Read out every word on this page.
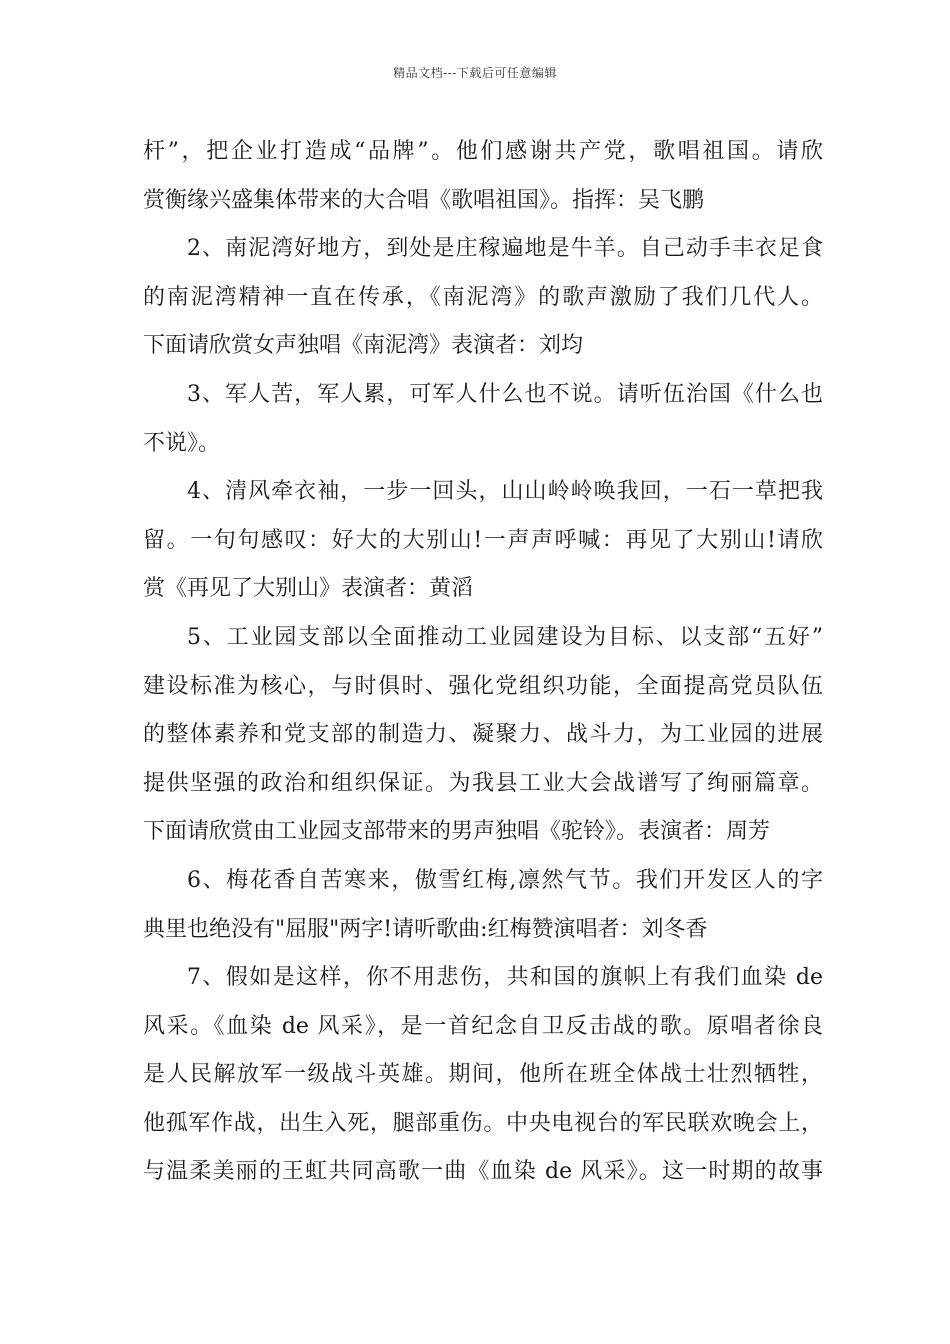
精品文档---下载后可任意编辑
杆”，把企业打造成“品牌”。他们感谢共产党，歌唱祖国。请欣
赏衡缘兴盛集体带来的大合唱《歌唱祖国》。指挥：吴飞鹏
2、南泥湾好地方，到处是庄稼遍地是牛羊。自己动手丰衣足食
的南泥湾精神一直在传承，《南泥湾》的歌声激励了我们几代人。
下面请欣赏女声独唱《南泥湾》表演者：刘均
3、军人苦，军人累，可军人什么也不说。请听伍治国《什么也
不说》。
4、清风牵衣袖，一步一回头，山山岭岭唤我回，一石一草把我
留。一句句感叹：好大的大别山!一声声呼喊：再见了大别山!请欣
赏《再见了大别山》表演者：黄滔
5、工业园支部以全面推动工业园建设为目标、以支部“五好”
建设标准为核心，与时俱时、强化党组织功能，全面提高党员队伍
的整体素养和党支部的制造力、凝聚力、战斗力，为工业园的进展
提供坚强的政治和组织保证。为我县工业大会战谱写了绚丽篇章。
下面请欣赏由工业园支部带来的男声独唱《驼铃》。表演者：周芳
6、梅花香自苦寒来，傲雪红梅,凛然气节。我们开发区人的字
典里也绝没有"屈服"两字!请听歌曲:红梅赞演唱者：刘冬香
7、假如是这样，你不用悲伤，共和国的旗帜上有我们血染 de
风采。《血染 de 风采》，是一首纪念自卫反击战的歌。原唱者徐良
是人民解放军一级战斗英雄。期间，他所在班全体战士壮烈牺牲，
他孤军作战，出生入死，腿部重伤。中央电视台的军民联欢晚会上，
与温柔美丽的王虹共同高歌一曲《血染 de 风采》。这一时期的故事
